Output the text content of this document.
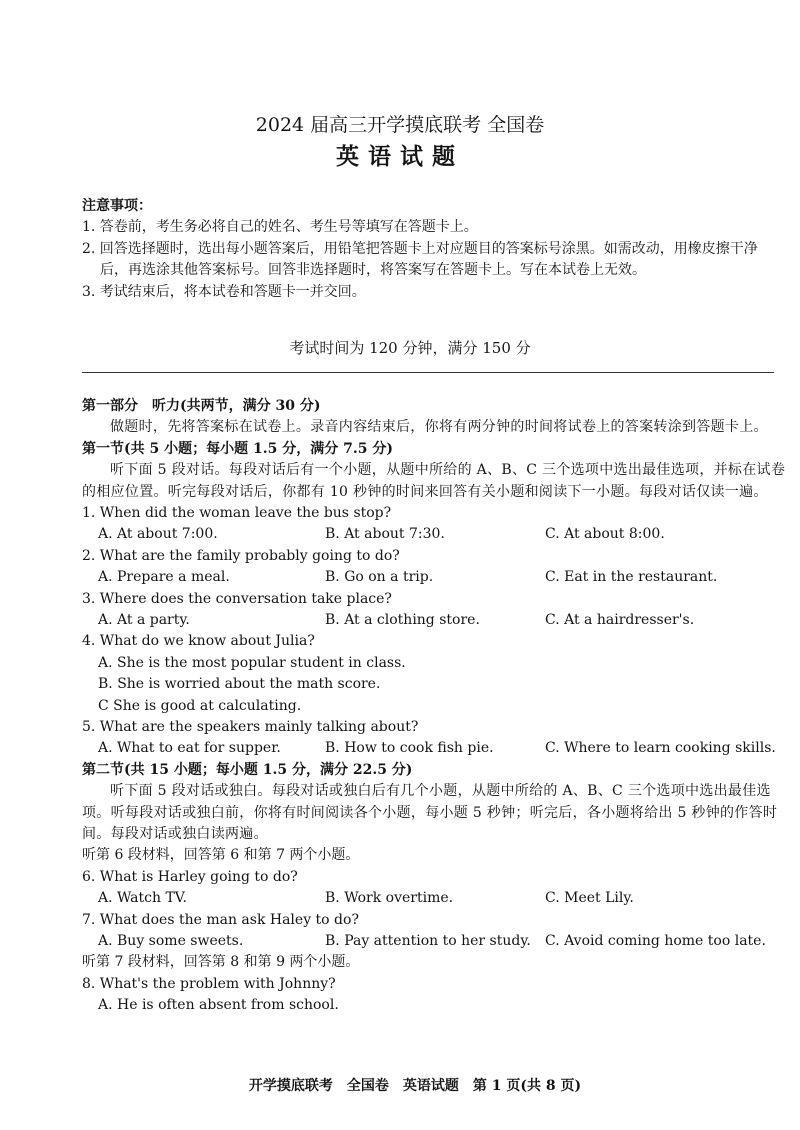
2024 届高三开学摸底联考 全国卷
英语试题
注意事项：
1. 答卷前，考生务必将自己的姓名、考生号等填写在答题卡上。
2. 回答选择题时，选出每小题答案后，用铅笔把答题卡上对应题目的答案标号涂黑。如需改动，用橡皮擦干净后，再选涂其他答案标号。回答非选择题时，将答案写在答题卡上。写在本试卷上无效。
3. 考试结束后，将本试卷和答题卡一并交回。
考试时间为 120 分钟，满分 150 分
第一部分　听力(共两节，满分 30 分)
做题时，先将答案标在试卷上。录音内容结束后，你将有两分钟的时间将试卷上的答案转涂到答题卡上。
第一节(共 5 小题；每小题 1.5 分，满分 7.5 分)
听下面 5 段对话。每段对话后有一个小题，从题中所给的 A、B、C 三个选项中选出最佳选项，并标在试卷的相应位置。听完每段对话后，你都有 10 秒钟的时间来回答有关小题和阅读下一小题。每段对话仅读一遍。
1. When did the woman leave the bus stop?
A. At about 7:00.	B. At about 7:30.	C. At about 8:00.
2. What are the family probably going to do?
A. Prepare a meal.	B. Go on a trip.	C. Eat in the restaurant.
3. Where does the conversation take place?
A. At a party.	B. At a clothing store.	C. At a hairdresser's.
4. What do we know about Julia?
A. She is the most popular student in class.
B. She is worried about the math score.
C She is good at calculating.
5. What are the speakers mainly talking about?
A. What to eat for supper.	B. How to cook fish pie.	C. Where to learn cooking skills.
第二节(共 15 小题；每小题 1.5 分，满分 22.5 分)
听下面 5 段对话或独白。每段对话或独白后有几个小题，从题中所给的 A、B、C 三个选项中选出最佳选项。听每段对话或独白前，你将有时间阅读各个小题，每小题 5 秒钟；听完后，各小题将给出 5 秒钟的作答时间。每段对话或独白读两遍。
听第 6 段材料，回答第 6 和第 7 两个小题。
6. What is Harley going to do?
A. Watch TV.	B. Work overtime.	C. Meet Lily.
7. What does the man ask Haley to do?
A. Buy some sweets.	B. Pay attention to her study. C. Avoid coming home too late.
听第 7 段材料，回答第 8 和第 9 两个小题。
8. What's the problem with Johnny?
A. He is often absent from school.
开学摸底联考　全国卷　英语试题　第 1 页(共 8 页)
